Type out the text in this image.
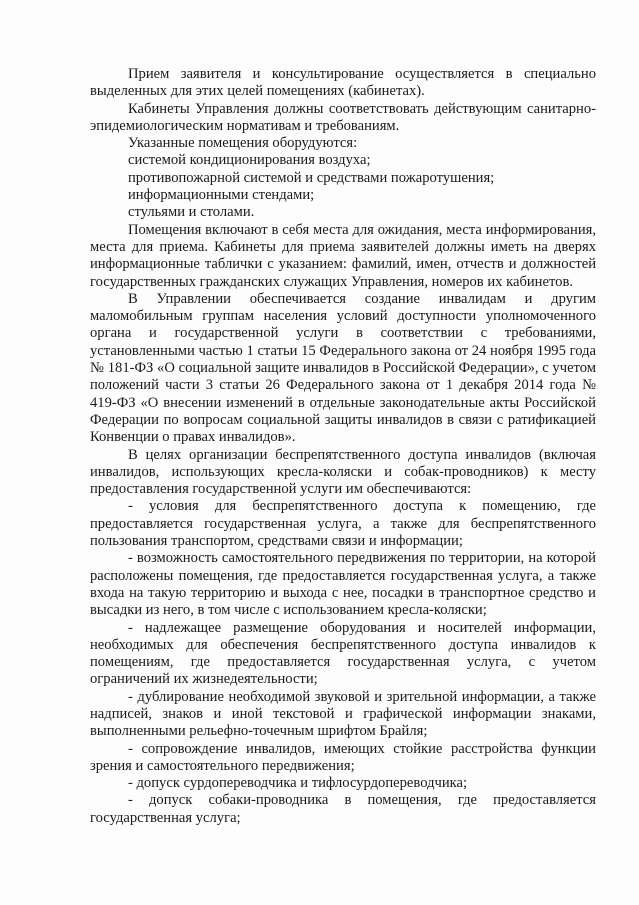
Прием заявителя и консультирование осуществляется в специально выделенных для этих целей помещениях (кабинетах).

Кабинеты Управления должны соответствовать действующим санитарно-эпидемиологическим нормативам и требованиям.

Указанные помещения оборудуются:

системой кондиционирования воздуха;

противопожарной системой и средствами пожаротушения;

информационными стендами;

стульями и столами.

Помещения включают в себя места для ожидания, места информирования, места для приема. Кабинеты для приема заявителей должны иметь на дверях информационные таблички с указанием: фамилий, имен, отчеств и должностей государственных гражданских служащих Управления, номеров их кабинетов.

В Управлении обеспечивается создание инвалидам и другим маломобильным группам населения условий доступности уполномоченного органа и государственной услуги в соответствии с требованиями, установленными частью 1 статьи 15 Федерального закона от 24 ноября 1995 года № 181-ФЗ «О социальной защите инвалидов в Российской Федерации», с учетом положений части 3 статьи 26 Федерального закона от 1 декабря 2014 года № 419-ФЗ «О внесении изменений в отдельные законодательные акты Российской Федерации по вопросам социальной защиты инвалидов в связи с ратификацией Конвенции о правах инвалидов».

В целях организации беспрепятственного доступа инвалидов (включая инвалидов, использующих кресла-коляски и собак-проводников) к месту предоставления государственной услуги им обеспечиваются:

- условия для беспрепятственного доступа к помещению, где предоставляется государственная услуга, а также для беспрепятственного пользования транспортом, средствами связи и информации;

- возможность самостоятельного передвижения по территории, на которой расположены помещения, где предоставляется государственная услуга, а также входа на такую территорию и выхода с нее, посадки в транспортное средство и высадки из него, в том числе с использованием кресла-коляски;

- надлежащее размещение оборудования и носителей информации, необходимых для обеспечения беспрепятственного доступа инвалидов к помещениям, где предоставляется государственная услуга, с учетом ограничений их жизнедеятельности;

- дублирование необходимой звуковой и зрительной информации, а также надписей, знаков и иной текстовой и графической информации знаками, выполненными рельефно-точечным шрифтом Брайля;

- сопровождение инвалидов, имеющих стойкие расстройства функции зрения и самостоятельного передвижения;

- допуск сурдопереводчика и тифлосурдопереводчика;

- допуск собаки-проводника в помещения, где предоставляется государственная услуга;
